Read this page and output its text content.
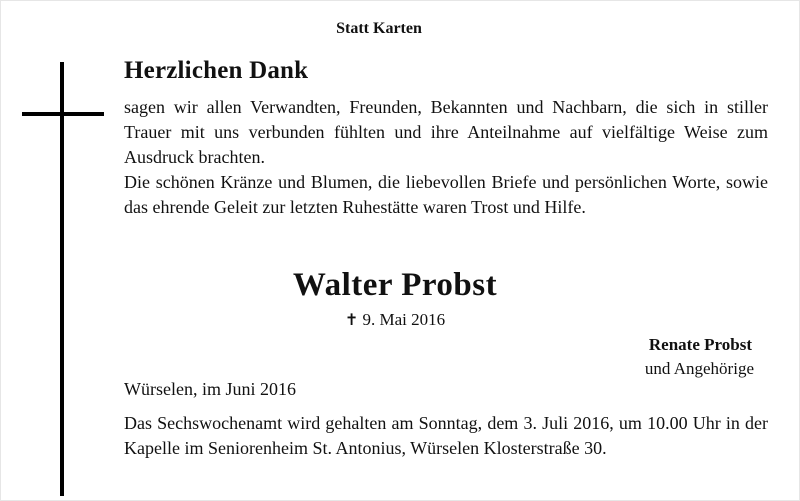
Statt Karten
Herzlichen Dank

sagen wir allen Verwandten, Freunden, Bekannten und Nachbarn, die sich in stiller Trauer mit uns verbunden fühlten und ihre Anteilnahme auf vielfältige Weise zum Ausdruck brachten.

Die schönen Kränze und Blumen, die liebevollen Briefe und persönlichen Worte, sowie das ehrende Geleit zur letzten Ruhestätte waren Trost und Hilfe.

Walter Probst
✝ 9. Mai 2016
Renate Probst
und Angehörige
Würselen, im Juni 2016

Das Sechswochenamt wird gehalten am Sonntag, dem 3. Juli 2016, um 10.00 Uhr in der Kapelle im Seniorenheim St. Antonius, Würselen Klosterstraße 30.
